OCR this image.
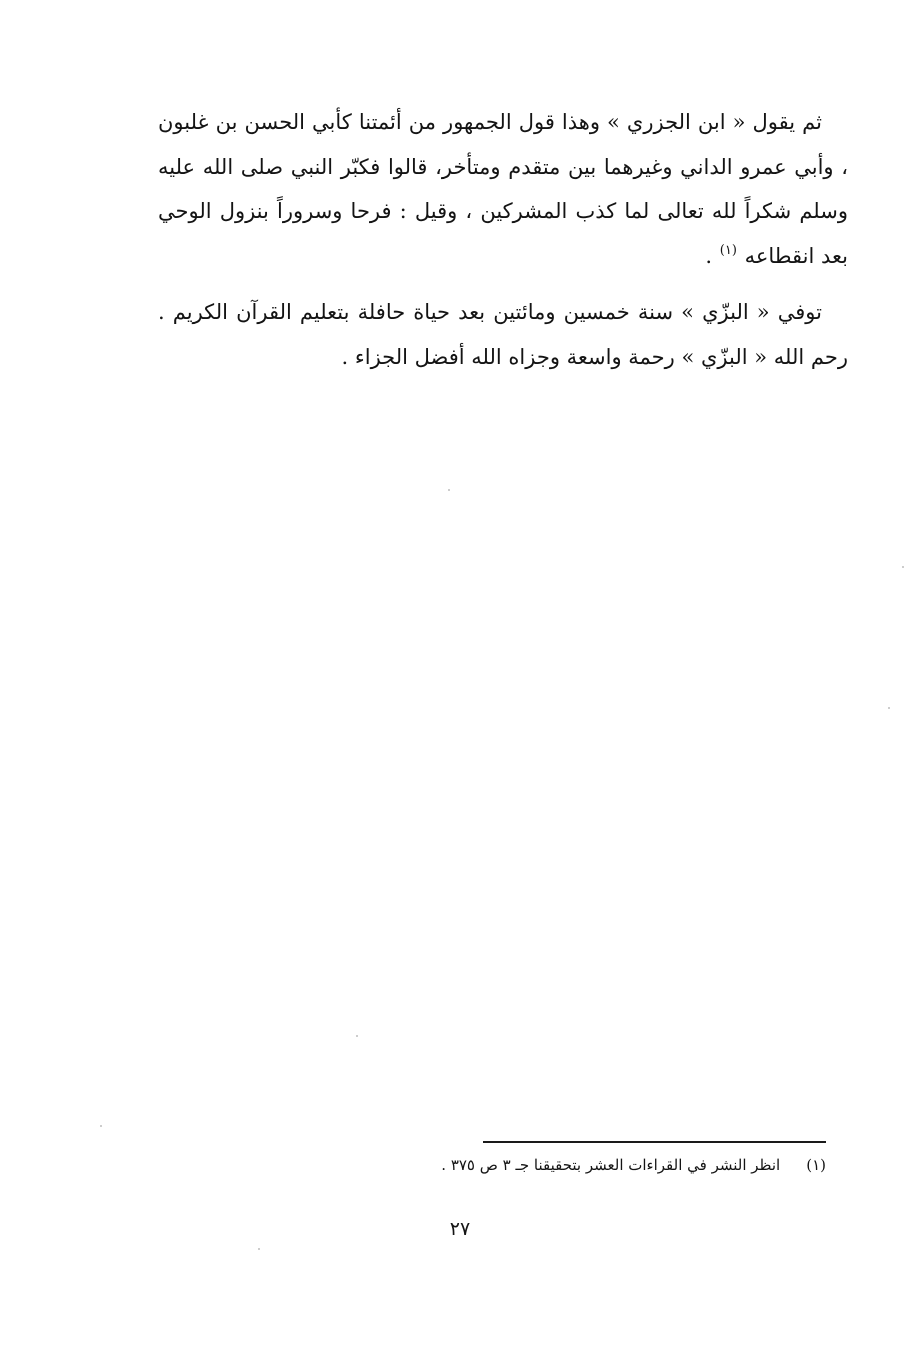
ثم يقول « ابن الجزري » وهذا قول الجمهور من أئمتنا كأبي الحسن بن غلبون ، وأبي عمرو الداني وغيرهما بين متقدم ومتأخر، قالوا فكبّر النبي صلى الله عليه وسلم شكراً لله تعالى لما كذب المشركين ، وقيل : فرحا وسروراً بنزول الوحي بعد انقطاعه $^{(١)}$ .

توفي « البزّي » سنة خمسين ومائتين بعد حياة حافلة بتعليم القرآن الكريم . رحم الله « البزّي » رحمة واسعة وجزاه الله أفضل الجزاء .

(١)انظر النشر في القراءات العشر بتحقيقنا جـ ٣ ص ٣٧٥ .
٢٧
